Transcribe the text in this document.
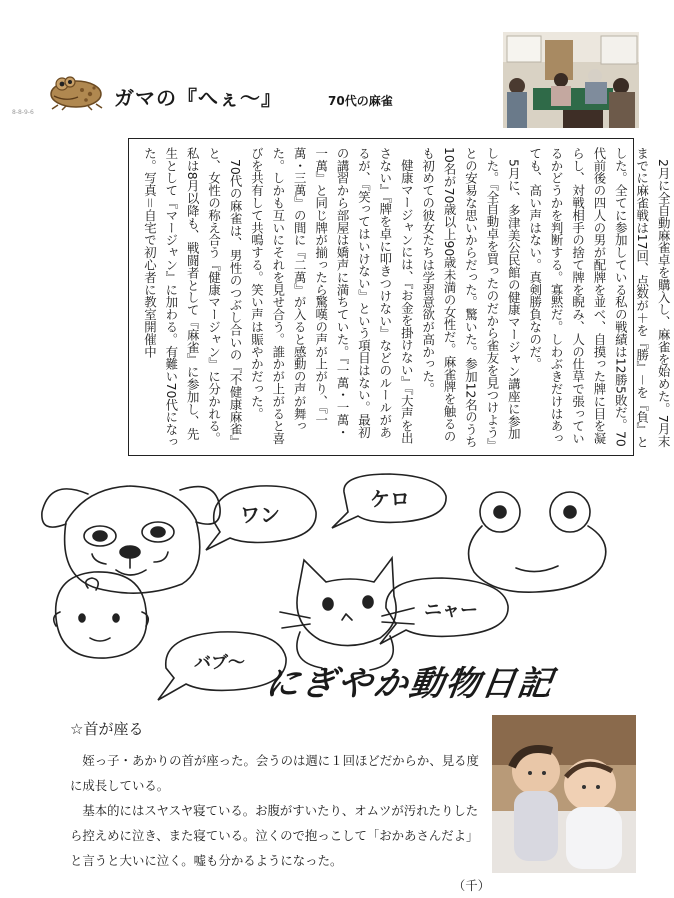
8-8-9-6
ガマの『へぇ～』	70代の麻雀

2月に全自動麻雀卓を購入し、麻雀を始めた。7月末までに麻雀戦は17回、点数が＋を『勝』－を『負』とした。全てに参加している私の戦績は12勝5敗だ。70代前後の四人の男が配牌を並べ、自摸った牌に目を凝らし、対戦相手の捨て牌を睨み、人の仕草で張っているかどうかを判断する。寡黙だ。しわぶきだけはあっても、高い声はない。真剣勝負なのだ。

5月に、多津美公民館の健康マージャン講座に参加した。『全自動卓を買ったのだから雀友を見つけよう』との安易な思いからだった。驚いた。参加12名のうち10名が70歳以上90歳未満の女性だ。麻雀牌を触るのも初めての彼女たちは学習意欲が高かった。

健康マージャンには、『お金を掛けない』『大声を出さない』『牌を卓に叩きつけない』などのルールがあるが、『笑ってはいけない』という項目はない。最初の講習から部屋は嬌声に満ちていた。『一萬・一萬・一萬』と同じ牌が揃ったら驚嘆の声が上がり、『一萬・三萬』の間に『二萬』が入ると感動の声が舞った。しかも互いにそれを見せ合う。誰かが上がると喜びを共有して共鳴する。笑い声は賑やかだった。

70代の麻雀は、男性のつぶし合いの『不健康麻雀』と、女性の称え合う『健康マージャン』に分かれる。私は8月以降も、戦闘者として『麻雀』に参加し、先生として『マージャン』に加わる。有難い70代になった。写真＝自宅で初心者に教室開催中

ワン
ケロ
ニャー
バブ～
にぎやか動物日記
☆首が座る

姪っ子・あかりの首が座った。会うのは週に１回ほどだからか、見る度に成長している。

基本的にはスヤスヤ寝ている。お腹がすいたり、オムツが汚れたりしたら控えめに泣き、また寝ている。泣くので抱っこして「おかあさんだよ」と言うと大いに泣く。嘘も分かるようになった。

（千）
